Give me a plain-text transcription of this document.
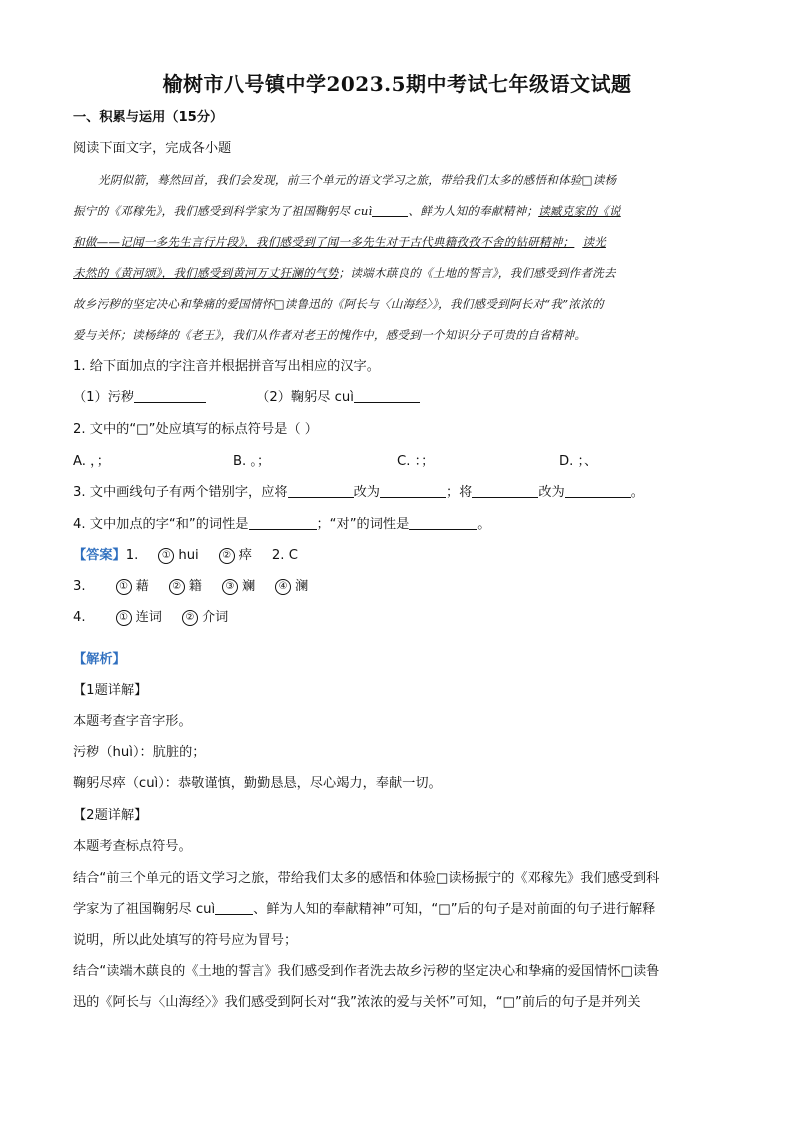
榆树市八号镇中学2023.5期中考试七年级语文试题
一、积累与运用（15分）
阅读下面文字，完成各小题
光阴似箭，蓦然回首，我们会发现，前三个单元的语文学习之旅，带给我们太多的感悟和体验□读杨
振宁的《邓稼先》，我们感受到科学家为了祖国鞠躬尽 cuì	、鲜为人知的奉献精神；读臧克家的《说
和做——记闻一多先生言行片段》，我们感受到了闻一多先生对于古代典籍孜孜不舍的钻研精神； 读光
未然的《黄河颂》，我们感受到黄河万丈狂澜的气势；读端木蕻良的《土地的誓言》，我们感受到作者洗去
故乡污秽的坚定决心和挚痛的爱国情怀□读鲁迅的《阿长与〈山海经〉》，我们感受到阿长对“我”浓浓的
爱与关怀；读杨绛的《老王》，我们从作者对老王的愧作中，感受到一个知识分子可贵的自省精神。
1. 给下面加点的字注音并根据拼音写出相应的汉字。
（1）污秽	（2）鞠躬尽 cuì
2. 文中的“□”处应填写的标点符号是（ ）
A. ，；	B. 。；	C. ：；	D. ；、
3. 文中画线句子有两个错别字，应将	改为	；将	改为	。
4. 文中加点的字“和”的词性是	；“对”的词性是	。
【答案】1. ① hui ② 瘁 2. C
3.	① 藉 ② 籍 ③ 斓 ④ 澜
4.	① 连词 ② 介词
【解析】
【1题详解】
本题考查字音字形。
污秽（huì）：肮脏的；
鞠躬尽瘁（cuì）：恭敬谨慎，勤勤恳恳，尽心竭力，奉献一切。
【2题详解】
本题考查标点符号。
结合“前三个单元的语文学习之旅，带给我们太多的感悟和体验□读杨振宁的《邓稼先》我们感受到科
学家为了祖国鞠躬尽 cuì	、鲜为人知的奉献精神”可知，“□”后的句子是对前面的句子进行解释
说明，所以此处填写的符号应为冒号；
结合“读端木蕻良的《土地的誓言》我们感受到作者洗去故乡污秽的坚定决心和挚痛的爱国情怀□读鲁
迅的《阿长与〈山海经〉》我们感受到阿长对“我”浓浓的爱与关怀”可知，“□”前后的句子是并列关
